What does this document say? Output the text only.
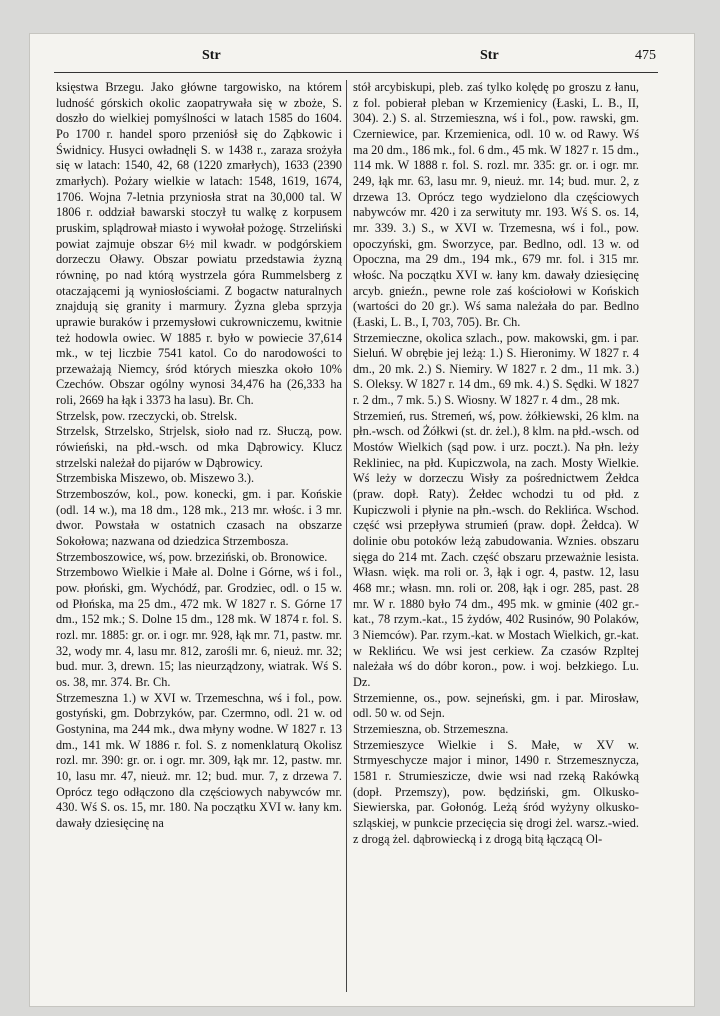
Str	Str	475

księstwa Brzegu. Jako główne targowisko, na którem ludność górskich okolic zaopatrywała się w zboże, S. doszło do wielkiej pomyślności w latach 1585 do 1604. Po 1700 r. handel sporo przeniósł się do Ząbkowic i Świdnicy. Husyci owładnęli S. w 1438 r., zaraza srożyła się w latach: 1540, 42, 68 (1220 zmarłych), 1633 (2390 zmarłych). Pożary wielkie w latach: 1548, 1619, 1674, 1706. Wojna 7-letnia przyniosła strat na 30,000 tal. W 1806 r. oddział bawarski stoczył tu walkę z korpusem pruskim, splądrował miasto i wywołał pożogę. Strzeliński powiat zajmuje obszar 6½ mil kwadr. w podgórskiem dorzeczu Oławy. Obszar powiatu przedstawia żyzną równinę, po nad którą wystrzela góra Rummelsberg z otaczającemi ją wyniosłościami. Z bogactw naturalnych znajdują się granity i marmury. Żyzna gleba sprzyja uprawie buraków i przemysłowi cukrowniczemu, kwitnie też hodowla owiec. W 1885 r. było w powiecie 37,614 mk., w tej liczbie 7541 katol. Co do narodowości to przeważają Niemcy, śród których mieszka około 10% Czechów. Obszar ogólny wynosi 34,476 ha (26,333 ha roli, 2669 ha łąk i 3373 ha lasu). Br. Ch.

Strzelsk, pow. rzeczycki, ob. Strelsk.

Strzelsk, Strzelsko, Strjelsk, sioło nad rz. Słuczą, pow. rówieński, na płd.-wsch. od mka Dąbrowicy. Klucz strzelski należał do pijarów w Dąbrowicy.

Strzembiska Miszewo, ob. Miszewo 3.).

Strzemboszów, kol., pow. konecki, gm. i par. Końskie (odl. 14 w.), ma 18 dm., 128 mk., 213 mr. włośc. i 3 mr. dwor. Powstała w ostatnich czasach na obszarze Sokołowa; nazwana od dziedzica Strzembosza.

Strzemboszowice, wś, pow. brzeziński, ob. Bronowice.

Strzembowo Wielkie i Małe al. Dolne i Górne, wś i fol., pow. płoński, gm. Wychódź, par. Grodziec, odl. o 15 w. od Płońska, ma 25 dm., 472 mk. W 1827 r. S. Górne 17 dm., 152 mk.; S. Dolne 15 dm., 128 mk. W 1874 r. fol. S. rozl. mr. 1885: gr. or. i ogr. mr. 928, łąk mr. 71, pastw. mr. 32, wody mr. 4, lasu mr. 812, zarośli mr. 6, nieuż. mr. 32; bud. mur. 3, drewn. 15; las nieurządzony, wiatrak. Wś S. os. 38, mr. 374. Br. Ch.

Strzemeszna 1.) w XVI w. Trzemeschna, wś i fol., pow. gostyński, gm. Dobrzyków, par. Czermno, odl. 21 w. od Gostynina, ma 244 mk., dwa młyny wodne. W 1827 r. 13 dm., 141 mk. W 1886 r. fol. S. z nomenklaturą Okolisz rozl. mr. 390: gr. or. i ogr. mr. 309, łąk mr. 12, pastw. mr. 10, lasu mr. 47, nieuż. mr. 12; bud. mur. 7, z drzewa 7. Oprócz tego odłączono dla częściowych nabywców mr. 430. Wś S. os. 15, mr. 180. Na początku XVI w. łany km. dawały dziesięcinę na

stół arcybiskupi, pleb. zaś tylko kolędę po groszu z łanu, z fol. pobierał pleban w Krzemienicy (Łaski, L. B., II, 304). 2.) S. al. Strzemieszna, wś i fol., pow. rawski, gm. Czerniewice, par. Krzemienica, odl. 10 w. od Rawy. Wś ma 20 dm., 186 mk., fol. 6 dm., 45 mk. W 1827 r. 15 dm., 114 mk. W 1888 r. fol. S. rozl. mr. 335: gr. or. i ogr. mr. 249, łąk mr. 63, lasu mr. 9, nieuż. mr. 14; bud. mur. 2, z drzewa 13. Oprócz tego wydzielono dla częściowych nabywców mr. 420 i za serwituty mr. 193. Wś S. os. 14, mr. 339. 3.) S., w XVI w. Trzemesna, wś i fol., pow. opoczyński, gm. Sworzyce, par. Bedlno, odl. 13 w. od Opoczna, ma 29 dm., 194 mk., 679 mr. fol. i 315 mr. włośc. Na początku XVI w. łany km. dawały dziesięcinę arcyb. gnieźn., pewne role zaś kościołowi w Końskich (wartości do 20 gr.). Wś sama należała do par. Bedlno (Łaski, L. B., I, 703, 705). Br. Ch.

Strzemieczne, okolica szlach., pow. makowski, gm. i par. Sieluń. W obrębie jej leżą: 1.) S. Hieronimy. W 1827 r. 4 dm., 20 mk. 2.) S. Niemiry. W 1827 r. 2 dm., 11 mk. 3.) S. Oleksy. W 1827 r. 14 dm., 69 mk. 4.) S. Sędki. W 1827 r. 2 dm., 7 mk. 5.) S. Wiosny. W 1827 r. 4 dm., 28 mk.

Strzemień, rus. Stremeń, wś, pow. żółkiewski, 26 klm. na płn.-wsch. od Żółkwi (st. dr. żel.), 8 klm. na płd.-wsch. od Mostów Wielkich (sąd pow. i urz. poczt.). Na płn. leży Rekliniec, na płd. Kupiczwola, na zach. Mosty Wielkie. Wś leży w dorzeczu Wisły za pośrednictwem Żełdca (praw. dopł. Raty). Żełdec wchodzi tu od płd. z Kupiczwoli i płynie na płn.-wsch. do Reklińca. Wschod. część wsi przepływa strumień (praw. dopł. Żełdca). W dolinie obu potoków leżą zabudowania. Wznies. obszaru sięga do 214 mt. Zach. część obszaru przeważnie lesista. Własn. więk. ma roli or. 3, łąk i ogr. 4, pastw. 12, lasu 468 mr.; własn. mn. roli or. 208, łąk i ogr. 285, past. 28 mr. W r. 1880 było 74 dm., 495 mk. w gminie (402 gr.-kat., 78 rzym.-kat., 15 żydów, 402 Rusinów, 90 Polaków, 3 Niemców). Par. rzym.-kat. w Mostach Wielkich, gr.-kat. w Reklińcu. We wsi jest cerkiew. Za czasów Rzpltej należała wś do dóbr koron., pow. i woj. bełzkiego. Lu. Dz.

Strzemienne, os., pow. sejneński, gm. i par. Mirosław, odl. 50 w. od Sejn.

Strzemieszna, ob. Strzemeszna.

Strzemieszyce Wielkie i S. Małe, w XV w. Strmyeschycze major i minor, 1490 r. Strzemesznycza, 1581 r. Strumieszicze, dwie wsi nad rzeką Rakówką (dopł. Przemszy), pow. będziński, gm. Olkusko-Siewierska, par. Gołonóg. Leżą śród wyżyny olkusko-szląskiej, w punkcie przecięcia się drogi żel. warsz.-wied. z drogą żel. dąbrowiecką i z drogą bitą łączącą Ol-
